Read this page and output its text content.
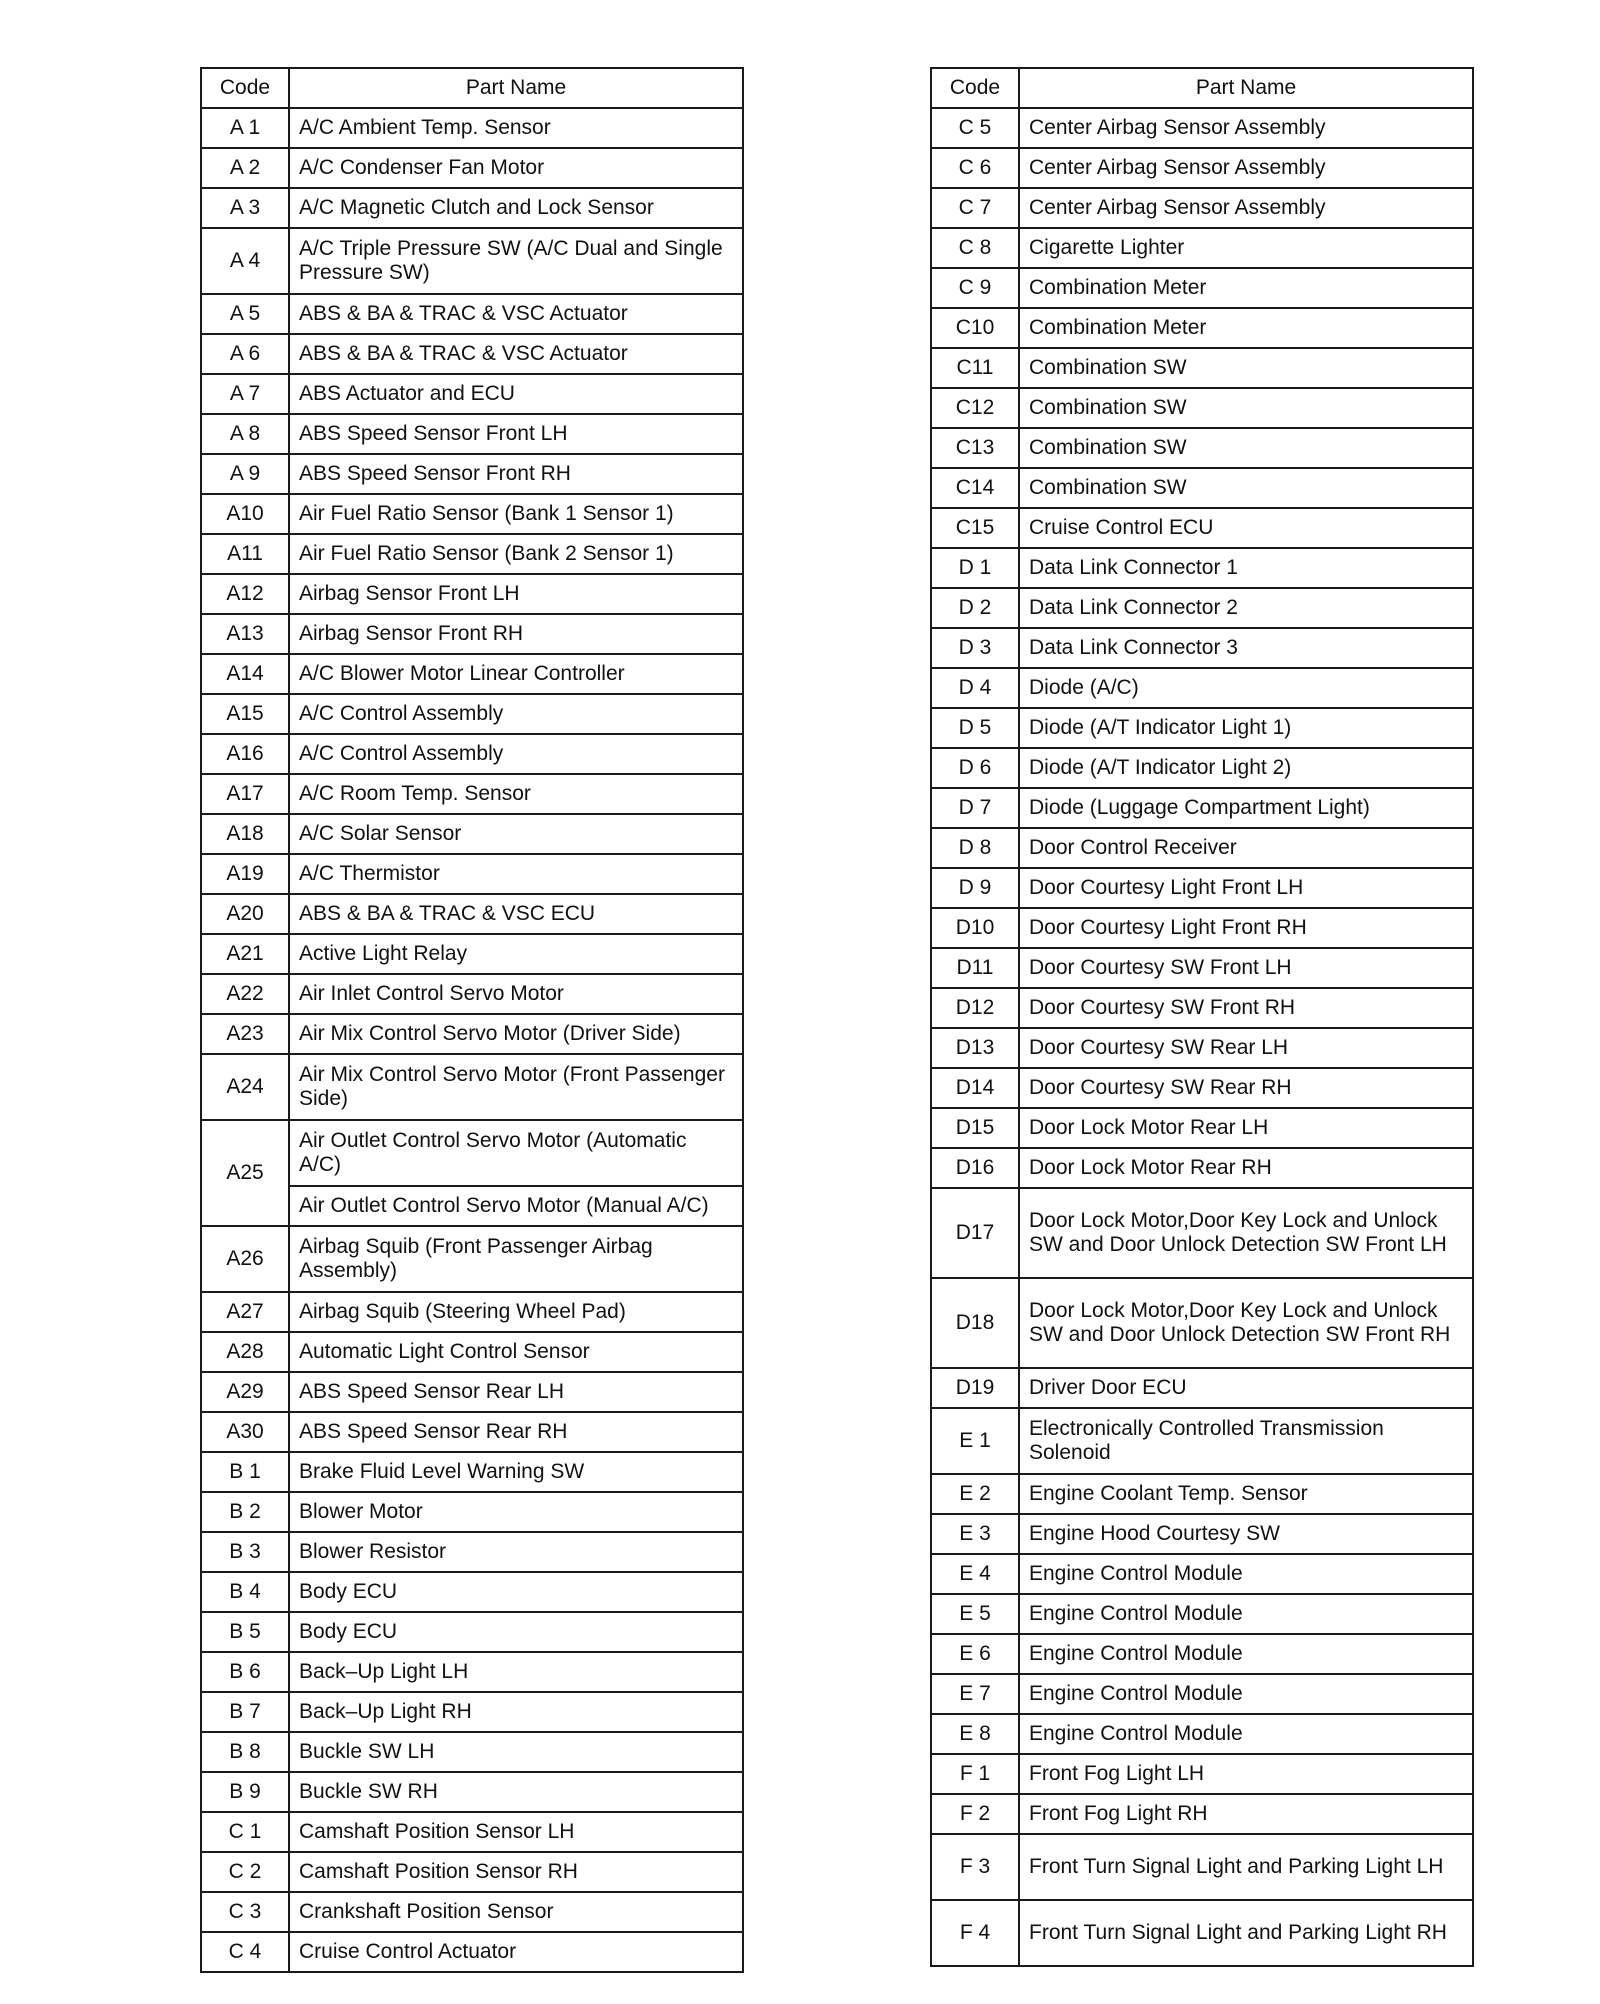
Code	Part Name
A 1	A/C Ambient Temp. Sensor
A 2	A/C Condenser Fan Motor
A 3	A/C Magnetic Clutch and Lock Sensor
A 4	A/C Triple Pressure SW (A/C Dual and Single Pressure SW)
A 5	ABS & BA & TRAC & VSC Actuator
A 6	ABS & BA & TRAC & VSC Actuator
A 7	ABS Actuator and ECU
A 8	ABS Speed Sensor Front LH
A 9	ABS Speed Sensor Front RH
A10	Air Fuel Ratio Sensor (Bank 1 Sensor 1)
A11	Air Fuel Ratio Sensor (Bank 2 Sensor 1)
A12	Airbag Sensor Front LH
A13	Airbag Sensor Front RH
A14	A/C Blower Motor Linear Controller
A15	A/C Control Assembly
A16	A/C Control Assembly
A17	A/C Room Temp. Sensor
A18	A/C Solar Sensor
A19	A/C Thermistor
A20	ABS & BA & TRAC & VSC ECU
A21	Active Light Relay
A22	Air Inlet Control Servo Motor
A23	Air Mix Control Servo Motor (Driver Side)
A24	Air Mix Control Servo Motor (Front Passenger Side)
A25	Air Outlet Control Servo Motor (Automatic A/C)
	Air Outlet Control Servo Motor (Manual A/C)
A26	Airbag Squib (Front Passenger Airbag Assembly)
A27	Airbag Squib (Steering Wheel Pad)
A28	Automatic Light Control Sensor
A29	ABS Speed Sensor Rear LH
A30	ABS Speed Sensor Rear RH
B 1	Brake Fluid Level Warning SW
B 2	Blower Motor
B 3	Blower Resistor
B 4	Body ECU
B 5	Body ECU
B 6	Back–Up Light LH
B 7	Back–Up Light RH
B 8	Buckle SW LH
B 9	Buckle SW RH
C 1	Camshaft Position Sensor LH
C 2	Camshaft Position Sensor RH
C 3	Crankshaft Position Sensor
C 4	Cruise Control Actuator
Code	Part Name
C 5	Center Airbag Sensor Assembly
C 6	Center Airbag Sensor Assembly
C 7	Center Airbag Sensor Assembly
C 8	Cigarette Lighter
C 9	Combination Meter
C10	Combination Meter
C11	Combination SW
C12	Combination SW
C13	Combination SW
C14	Combination SW
C15	Cruise Control ECU
D 1	Data Link Connector 1
D 2	Data Link Connector 2
D 3	Data Link Connector 3
D 4	Diode (A/C)
D 5	Diode (A/T Indicator Light 1)
D 6	Diode (A/T Indicator Light 2)
D 7	Diode (Luggage Compartment Light)
D 8	Door Control Receiver
D 9	Door Courtesy Light Front LH
D10	Door Courtesy Light Front RH
D11	Door Courtesy SW Front LH
D12	Door Courtesy SW Front RH
D13	Door Courtesy SW Rear LH
D14	Door Courtesy SW Rear RH
D15	Door Lock Motor Rear LH
D16	Door Lock Motor Rear RH
D17	Door Lock Motor,Door Key Lock and Unlock SW and Door Unlock Detection SW Front LH
D18	Door Lock Motor,Door Key Lock and Unlock SW and Door Unlock Detection SW Front RH
D19	Driver Door ECU
E 1	Electronically Controlled Transmission Solenoid
E 2	Engine Coolant Temp. Sensor
E 3	Engine Hood Courtesy SW
E 4	Engine Control Module
E 5	Engine Control Module
E 6	Engine Control Module
E 7	Engine Control Module
E 8	Engine Control Module
F 1	Front Fog Light LH
F 2	Front Fog Light RH
F 3	Front Turn Signal Light and Parking Light LH
F 4	Front Turn Signal Light and Parking Light RH
